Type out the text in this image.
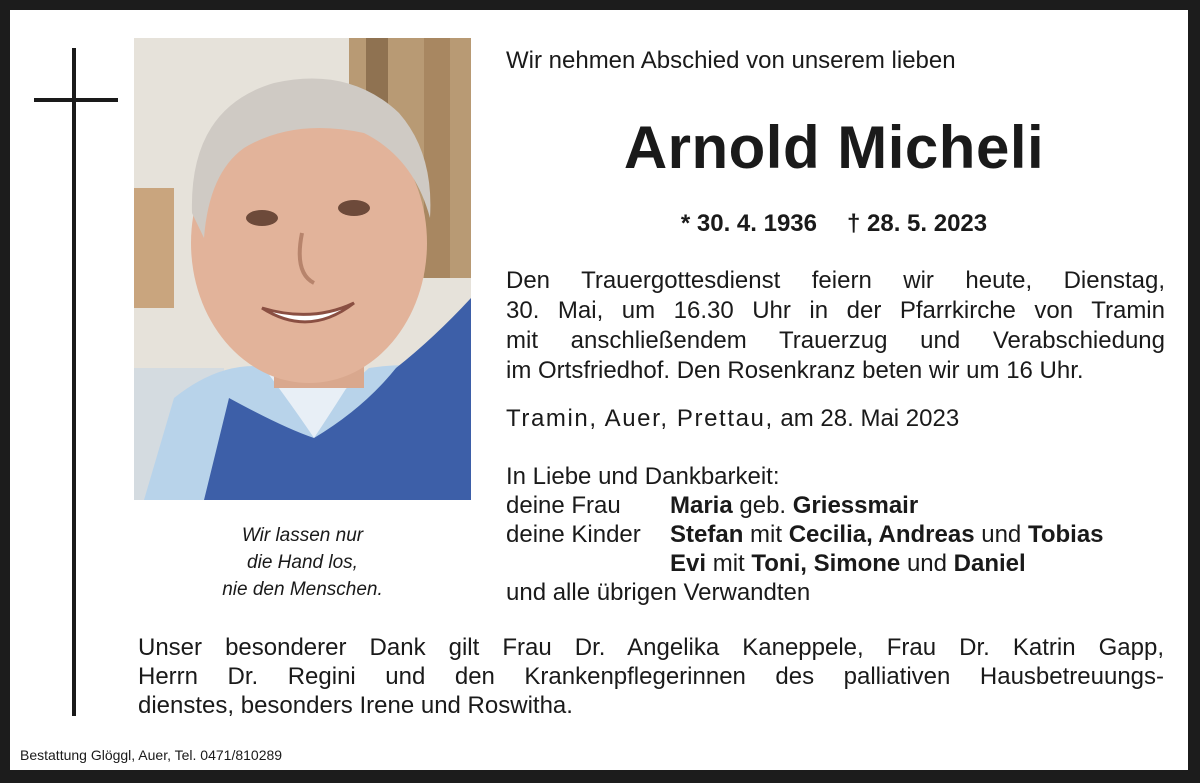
Wir lassen nur
die Hand los,
nie den Menschen.
Wir nehmen Abschied von unserem lieben
Arnold Micheli
* 30. 4. 1936 † 28. 5. 2023
Den Trauergottesdienst feiern wir heute, Dienstag,
30. Mai, um 16.30 Uhr in der Pfarrkirche von Tramin
mit anschließendem Trauerzug und Verabschiedung
im Ortsfriedhof. Den Rosenkranz beten wir um 16 Uhr.
Tramin, Auer, Prettau, am 28. Mai 2023
In Liebe und Dankbarkeit:
deine Frau Maria geb. Griessmair
deine Kinder Stefan mit Cecilia, Andreas und Tobias
Evi mit Toni, Simone und Daniel
und alle übrigen Verwandten
Unser besonderer Dank gilt Frau Dr. Angelika Kaneppele, Frau Dr. Katrin Gapp,
Herrn Dr. Regini und den Krankenpflegerinnen des palliativen Hausbetreuungs-
dienstes, besonders Irene und Roswitha.
Bestattung Glöggl, Auer, Tel. 0471/810289
